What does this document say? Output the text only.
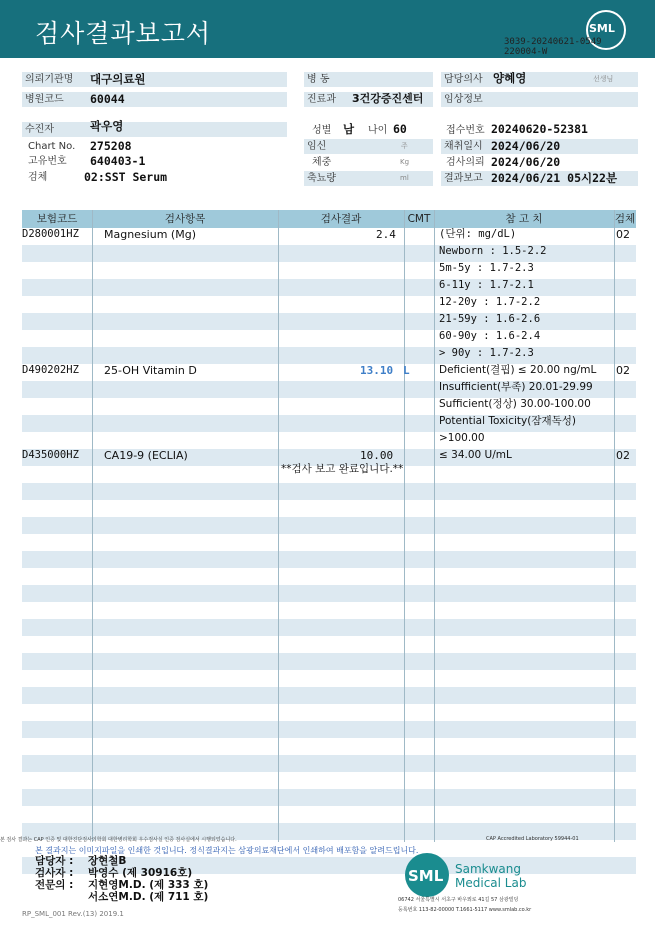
검사결과보고서	SML
3039-20240621-0549
220004-W
의뢰기관명	대구의료원
병원코드	60044
수진자	곽우영
Chart No. 275208
고유번호 640403-1
검체	02:SST Serum
병 동
진료과	3건강증진센터
성별 남 나이 60
임신	주
체중	Kg
축뇨량	ml
담당의사 양혜영	선생님
임상정보
접수번호 20240620-52381
채취일시 2024/06/20
검사의뢰 2024/06/20
결과보고 2024/06/21 05시22분
보험코드	검사항목	검사결과	CMT	참 고 치	검체
D280001HZ Magnesium (Mg)	2.4	02
(단위: mg/dL)
Newborn : 1.5-2.2
5m-5y : 1.7-2.3
6-11y : 1.7-2.1
12-20y : 1.7-2.2
21-59y : 1.6-2.6
60-90y : 1.6-2.4
> 90y : 1.7-2.3
D490202HZ 25-OH Vitamin D	13.10 L	02
Deficient(결핍) ≤ 20.00 ng/mL
Insufficient(부족) 20.01-29.99
Sufficient(정상) 30.00-100.00
Potential Toxicity(잠재독성)
>100.00
D435000HZ CA19-9 (ECLIA)	10.00	02
≤ 34.00 U/mL
**검사 보고 완료입니다.**
본 검사 결과는 CAP 인증 및 대한진단검사의학회 대한병리학회 우수검사실 인증 검사실에서 시행되었습니다.	CAP Accredited Laboratory 59944-01
본 결과지는 이미지파일을 인쇄한 것입니다. 정식결과지는 삼광의료재단에서 인쇄하여 배포함을 알려드립니다.
담당자 : 장현철B
검사자 : 박영수 (제 30916호)
전문의 : 지현영M.D. (제 333 호)
서소연M.D. (제 711 호)
SML Samkwang
Medical Lab
06742 서울특별시 서초구 바우뫼로 41길 57 삼광빌딩
등록번호 113-82-00000 T.1661-5117 www.smlab.co.kr
RP_SML_001 Rev.(13) 2019.1
